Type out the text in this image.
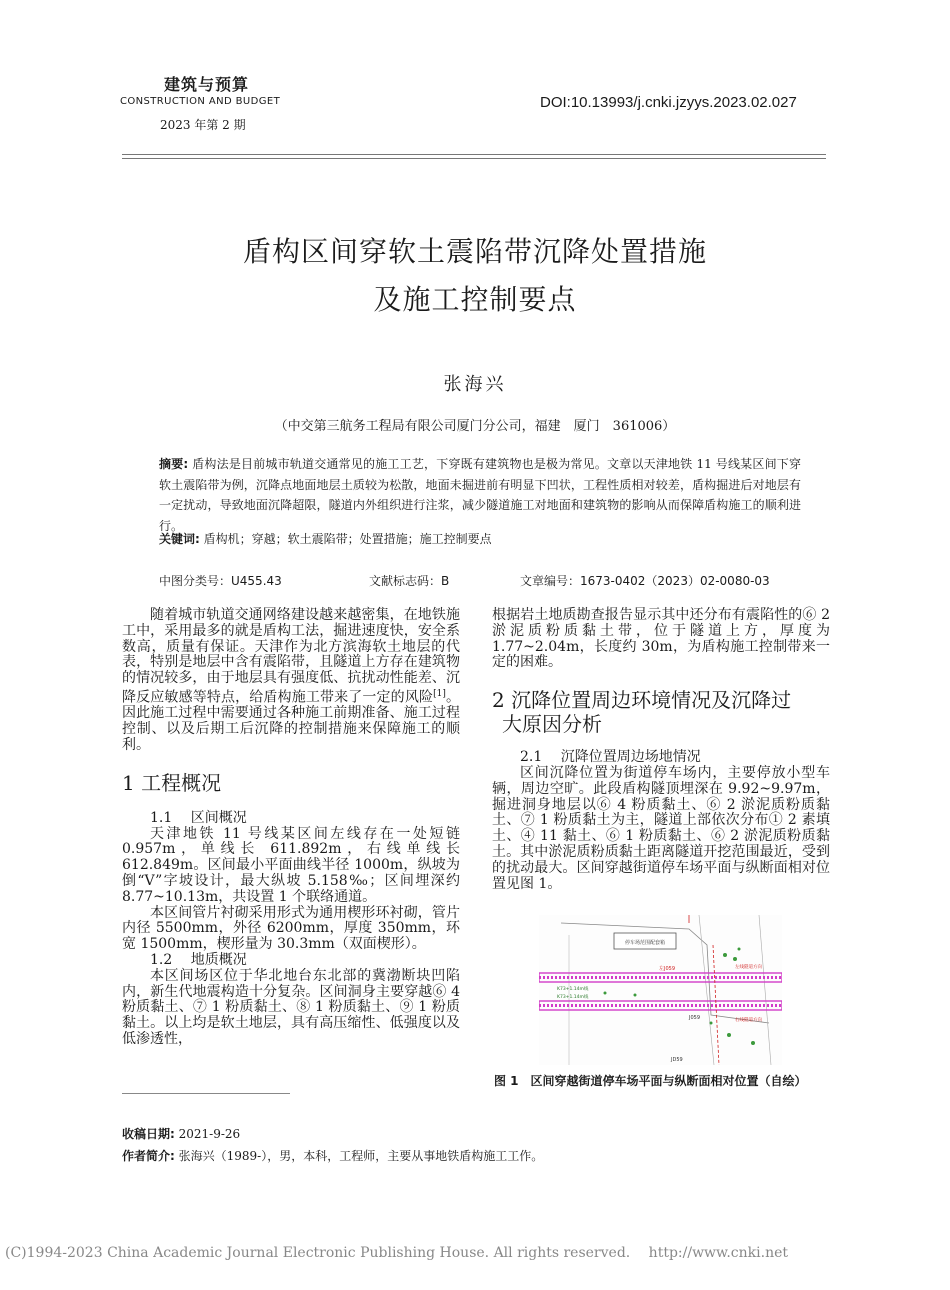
建筑与预算
CONSTRUCTION AND BUDGET
2023 年第 2 期
DOI:10.13993/j.cnki.jzyys.2023.02.027
盾构区间穿软土震陷带沉降处置措施
及施工控制要点
张海兴
（中交第三航务工程局有限公司厦门分公司，福建　厦门　361006）
摘要: 盾构法是目前城市轨道交通常见的施工工艺，下穿既有建筑物也是极为常见。文章以天津地铁 11 号线某区间下穿软土震陷带为例，沉降点地面地层土质较为松散，地面未掘进前有明显下凹状，工程性质相对较差，盾构掘进后对地层有一定扰动，导致地面沉降超限，隧道内外组织进行注浆，减少隧道施工对地面和建筑物的影响从而保障盾构施工的顺利进行。
关键词: 盾构机；穿越；软土震陷带；处置措施；施工控制要点
中图分类号：U455.43	文献标志码：B	文章编号：1673-0402（2023）02-0080-03

随着城市轨道交通网络建设越来越密集，在地铁施工中，采用最多的就是盾构工法，掘进速度快，安全系数高，质量有保证。天津作为北方滨海软土地层的代表，特别是地层中含有震陷带，且隧道上方存在建筑物的情况较多，由于地层具有强度低、抗扰动性能差、沉降反应敏感等特点，给盾构施工带来了一定的风险[1]。因此施工过程中需要通过各种施工前期准备、施工过程控制、以及后期工后沉降的控制措施来保障施工的顺利。

1 工程概况

1.1　 区间概况

天津地铁 11 号线某区间左线存在一处短链 0.957m，单线长 611.892m，右线单线长 612.849m。区间最小平面曲线半径 1000m，纵坡为倒“V”字坡设计，最大纵坡 5.158‰；区间埋深约 8.77~10.13m，共设置 1 个联络通道。

本区间管片衬砌采用形式为通用楔形环衬砌，管片内径 5500mm，外径 6200mm，厚度 350mm，环宽 1500mm，楔形量为 30.3mm（双面楔形）。

1.2　 地质概况

本区间场区位于华北地台东北部的冀渤断块凹陷内，新生代地震构造十分复杂。区间洞身主要穿越⑥ 4 粉质黏土、⑦ 1 粉质黏土、⑧ 1 粉质黏土、⑨ 1 粉质黏土。以上均是软土地层，具有高压缩性、低强度以及低渗透性，

根据岩土地质勘查报告显示其中还分布有震陷性的⑥ 2 淤泥质粉质黏土带，位于隧道上方，厚度为 1.77~2.04m，长度约 30m，为盾构施工控制带来一定的困难。

2 沉降位置周边环境情况及沉降过
大原因分析

2.1　 沉降位置周边场地情况

区间沉降位置为街道停车场内，主要停放小型车辆，周边空旷。此段盾构隧顶埋深在 9.92~9.97m，掘进洞身地层以⑥ 4 粉质黏土、⑥ 2 淤泥质粉质黏土、⑦ 1 粉质黏土为主，隧道上部依次分布① 2 素填土、④ 11 黏土、⑥ 1 粉质黏土、⑥ 2 淤泥质粉质黏土。其中淤泥质粉质黏土距离隧道开挖范围最近，受到的扰动最大。区间穿越街道停车场平面与纵断面相对位置见图 1。

停车场范围配套箱
左J059	左线隧道方向
右线隧道方向
K73+1.14m线
K73+1.14m线
J059
JD59
图 1　区间穿越街道停车场平面与纵断面相对位置（自绘）
收稿日期: 2021-9-26
作者简介: 张海兴（1989-），男，本科，工程师，主要从事地铁盾构施工工作。
(C)1994-2023 China Academic Journal Electronic Publishing House. All rights reserved.　 http://www.cnki.net
